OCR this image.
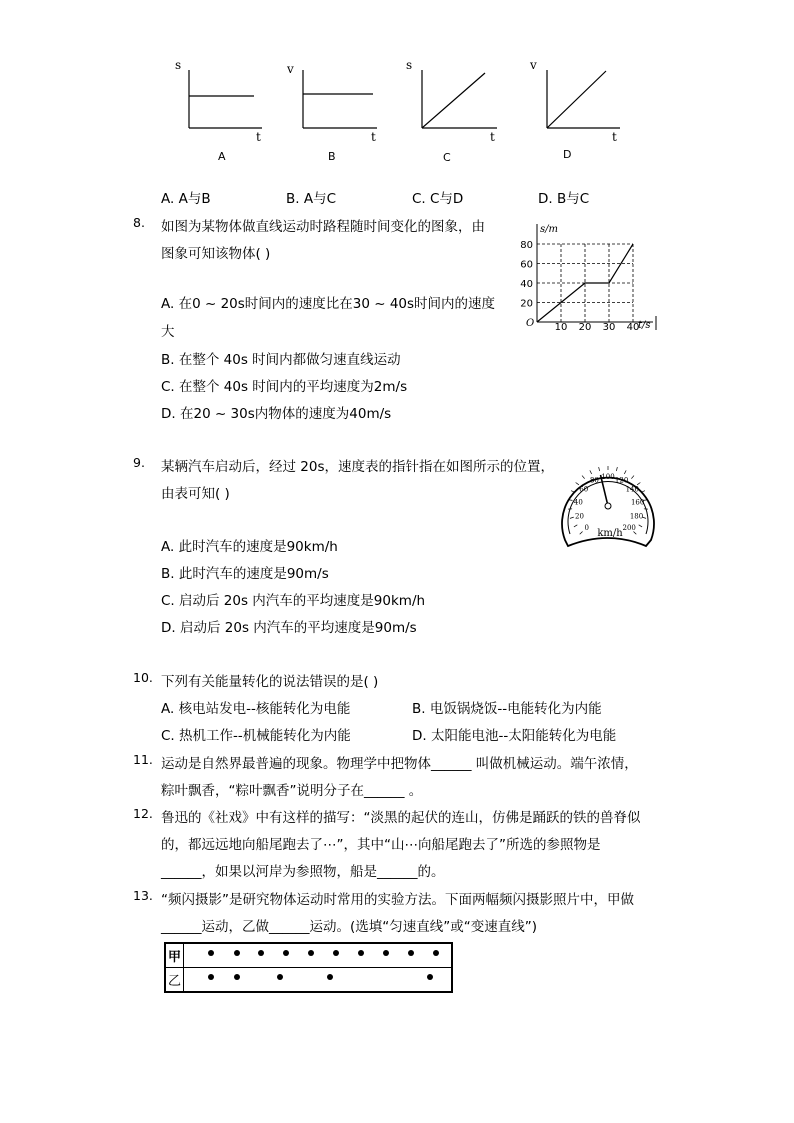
s
t
A
v
t
B
s
t
C
v
t
D
A. A与B	B. A与C	C. C与D	D. B与C
8. 如图为某物体做直线运动时路程随时间变化的图象，由
图象可知该物体( )
A. 在0 ~ 20s时间内的速度比在30 ~ 40s时间内的速度
大
B. 在整个 40s 时间内都做匀速直线运动
C. 在整个 40s 时间内的平均速度为2m/s
D. 在20 ~ 30s内物体的速度为40m/s
s/m
t/s
O 10 20 30 40
20
40
60
80
9. 某辆汽车启动后，经过 20s，速度表的指针指在如图所示的位置，
由表可知( )
A. 此时汽车的速度是90km/h
B. 此时汽车的速度是90m/s
C. 启动后 20s 内汽车的平均速度是90km/h
D. 启动后 20s 内汽车的平均速度是90m/s
0
20
40
60
80 100 120
140
160
180
200
km/h
10. 下列有关能量转化的说法错误的是( )
A. 核电站发电--核能转化为电能	B. 电饭锅烧饭--电能转化为内能
C. 热机工作--机械能转化为内能	D. 太阳能电池--太阳能转化为电能
11. 运动是自然界最普遍的现象。物理学中把物体______ 叫做机械运动。端午浓情，
粽叶飘香，“粽叶飘香”说明分子在______ 。
12. 鲁迅的《社戏》中有这样的描写：“淡黑的起伏的连山，仿佛是踊跃的铁的兽脊似
的，都远远地向船尾跑去了⋯”，其中“山⋯向船尾跑去了”所选的参照物是
______，如果以河岸为参照物，船是______的。
13. “频闪摄影”是研究物体运动时常用的实验方法。下面两幅频闪摄影照片中，甲做
______运动，乙做______运动。(选填“匀速直线”或“变速直线”)
甲	
乙	
